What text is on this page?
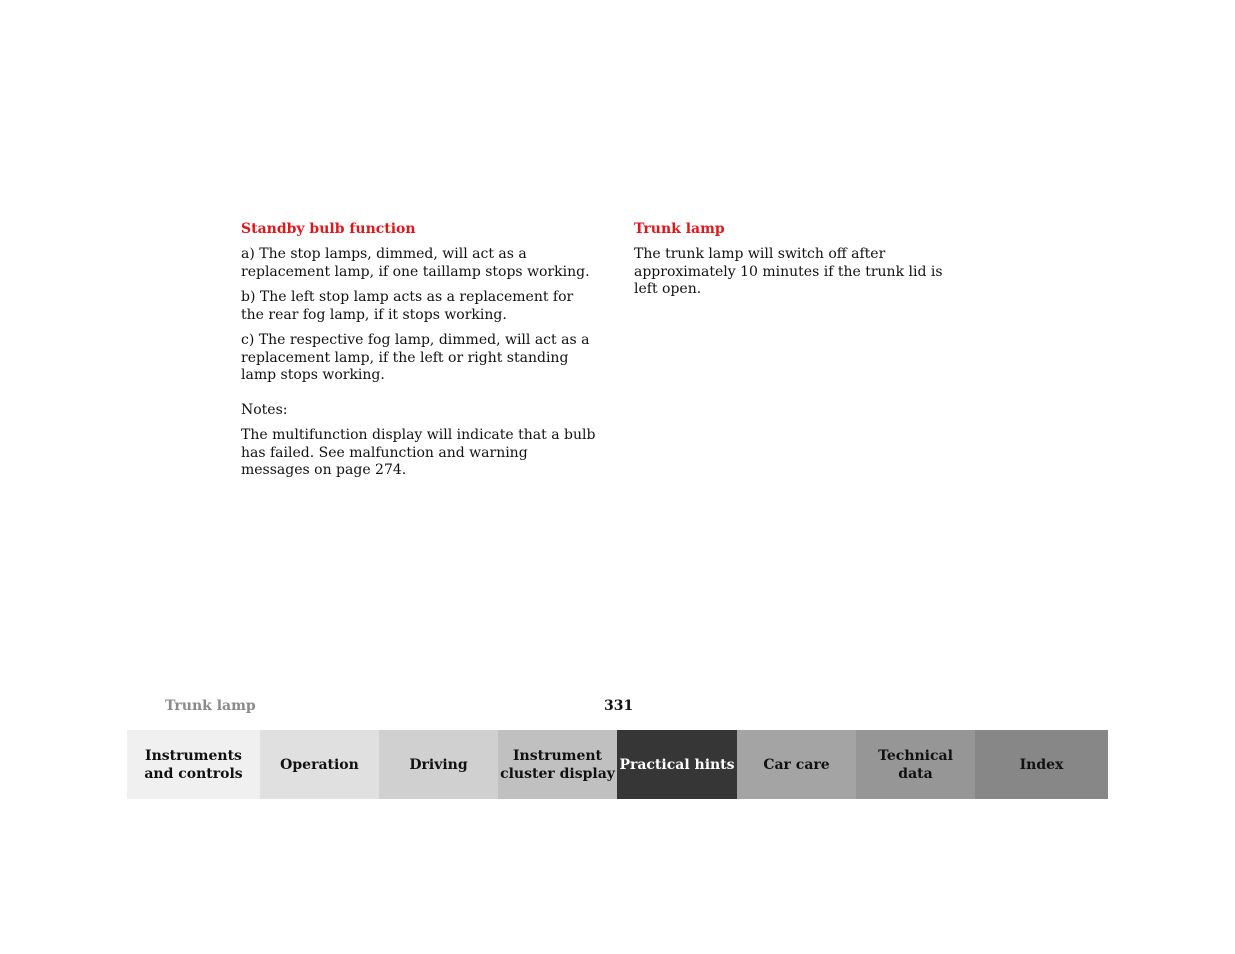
Standby bulb function
a) The stop lamps, dimmed, will act as a replacement lamp, if one taillamp stops working.
b) The left stop lamp acts as a replacement for the rear fog lamp, if it stops working.
c) The respective fog lamp, dimmed, will act as a replacement lamp, if the left or right standing lamp stops working.
Notes:
The multifunction display will indicate that a bulb has failed. See malfunction and warning messages on page 274.
Trunk lamp
The trunk lamp will switch off after approximately 10 minutes if the trunk lid is left open.
Trunk lamp	331
Instruments
and controls
Operation	Driving
Instrument
cluster display
Practical hints	Car care
Technical
data
Index
